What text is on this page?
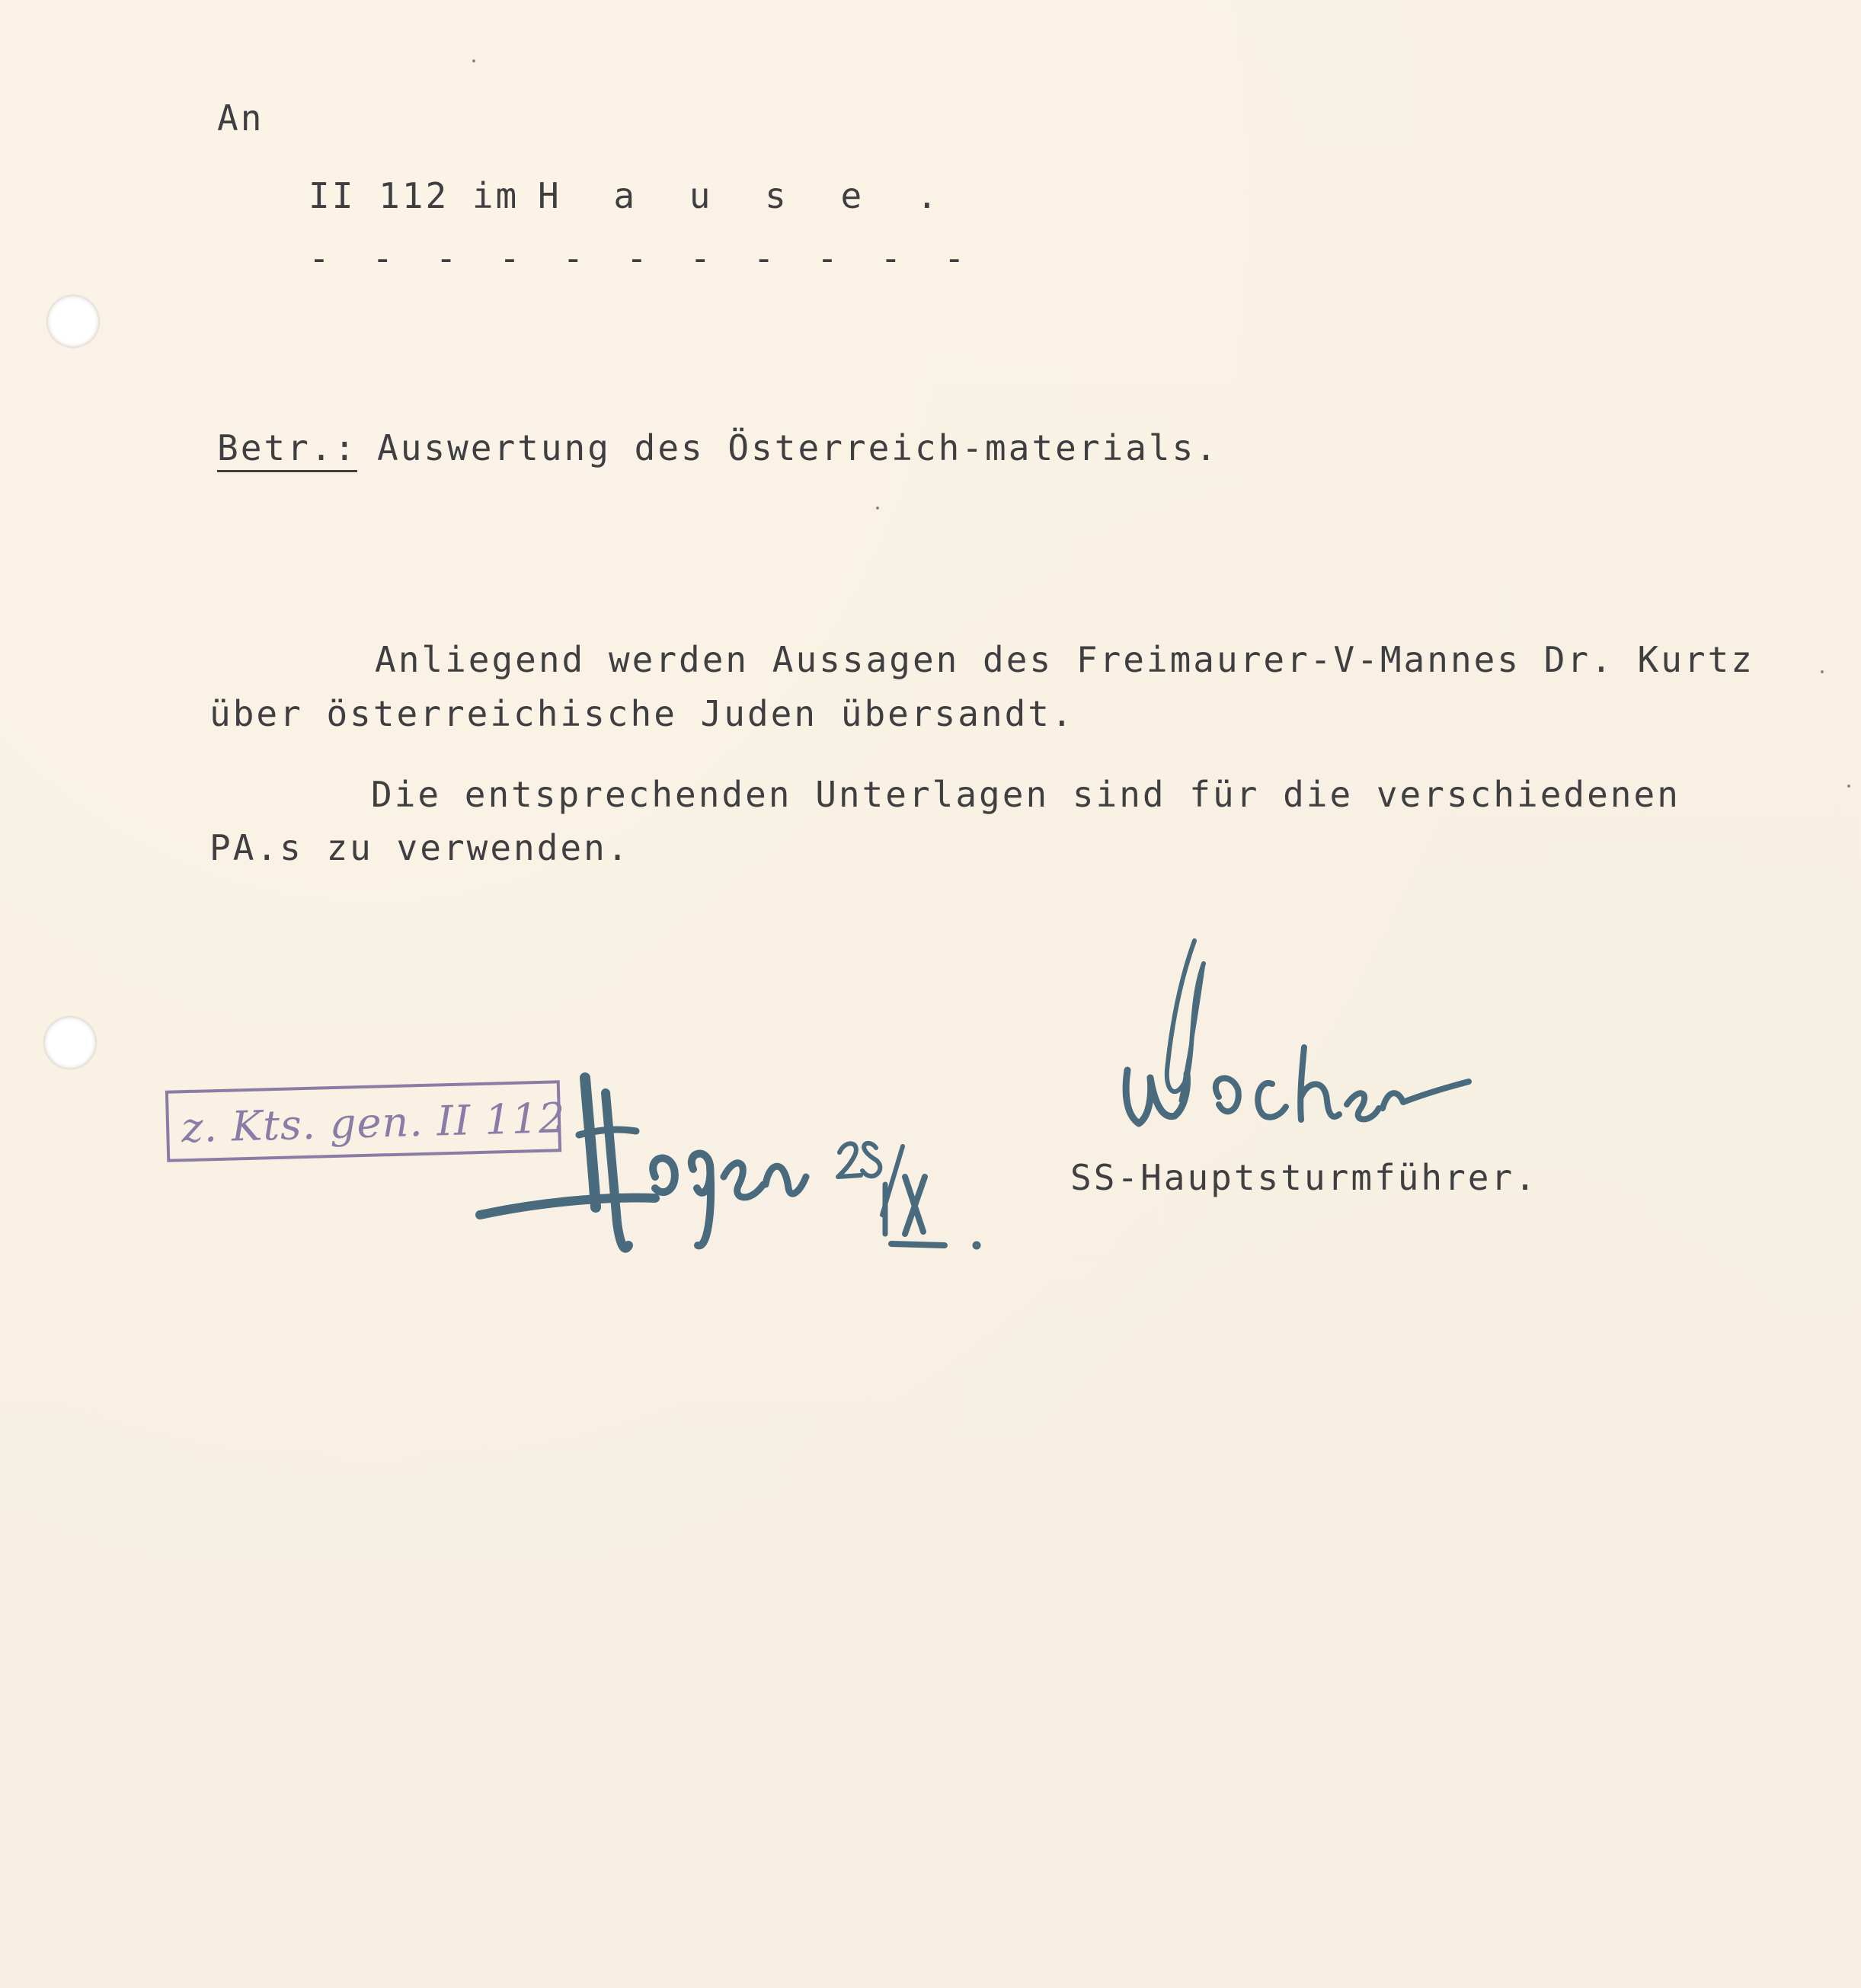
An
II 112 im H a u s e .
- - - - - - - - - - -
Betr.: Auswertung des Österreich-materials.
Anliegend werden Aussagen des Freimaurer-V-Mannes Dr. Kurtz
über österreichische Juden übersandt.
Die entsprechenden Unterlagen sind für die verschiedenen
PA.s zu verwenden.
z. Kts. gen. II 112
SS-Hauptsturmführer.
